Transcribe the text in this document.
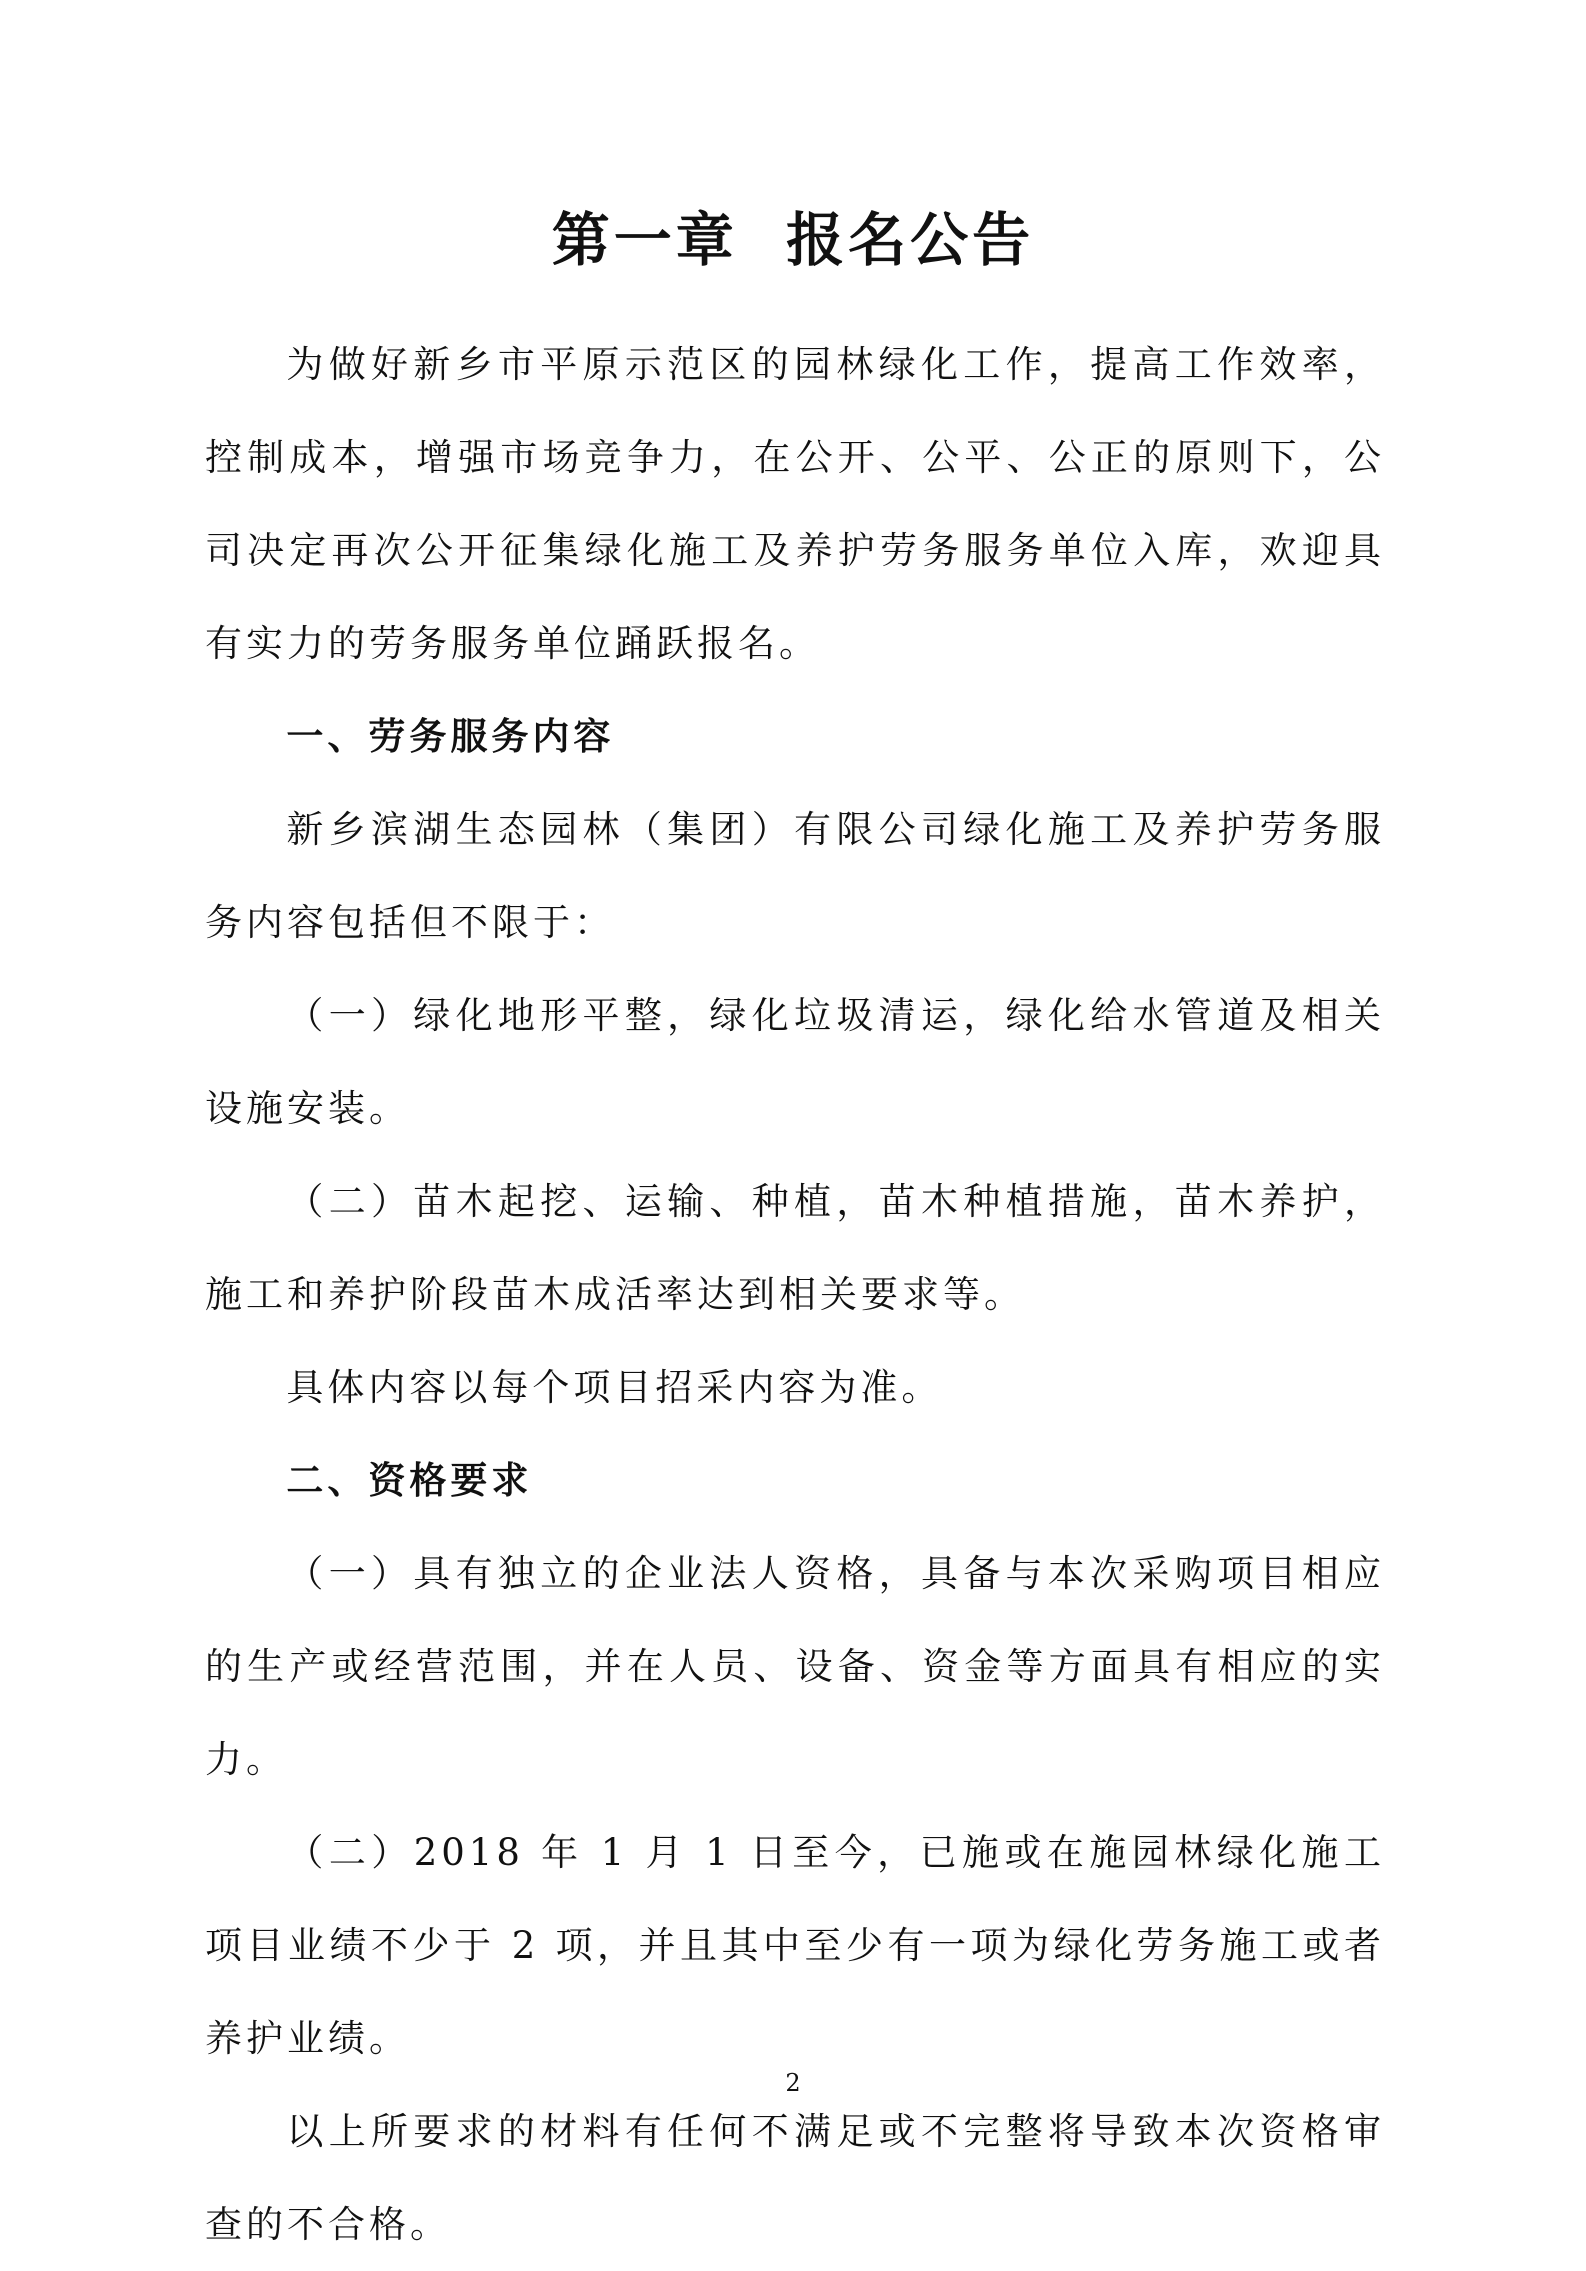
第一章  报名公告

为做好新乡市平原示范区的园林绿化工作，提高工作效率，控制成本，增强市场竞争力，在公开、公平、公正的原则下，公司决定再次公开征集绿化施工及养护劳务服务单位入库，欢迎具有实力的劳务服务单位踊跃报名。

一、劳务服务内容

新乡滨湖生态园林（集团）有限公司绿化施工及养护劳务服务内容包括但不限于：

（一）绿化地形平整，绿化垃圾清运，绿化给水管道及相关设施安装。

（二）苗木起挖、运输、种植，苗木种植措施，苗木养护，施工和养护阶段苗木成活率达到相关要求等。

具体内容以每个项目招采内容为准。

二、资格要求

（一）具有独立的企业法人资格，具备与本次采购项目相应的生产或经营范围，并在人员、设备、资金等方面具有相应的实力。

（二）2018 年 1 月 1 日至今，已施或在施园林绿化施工项目业绩不少于 2 项，并且其中至少有一项为绿化劳务施工或者养护业绩。

以上所要求的材料有任何不满足或不完整将导致本次资格审查的不合格。

2
